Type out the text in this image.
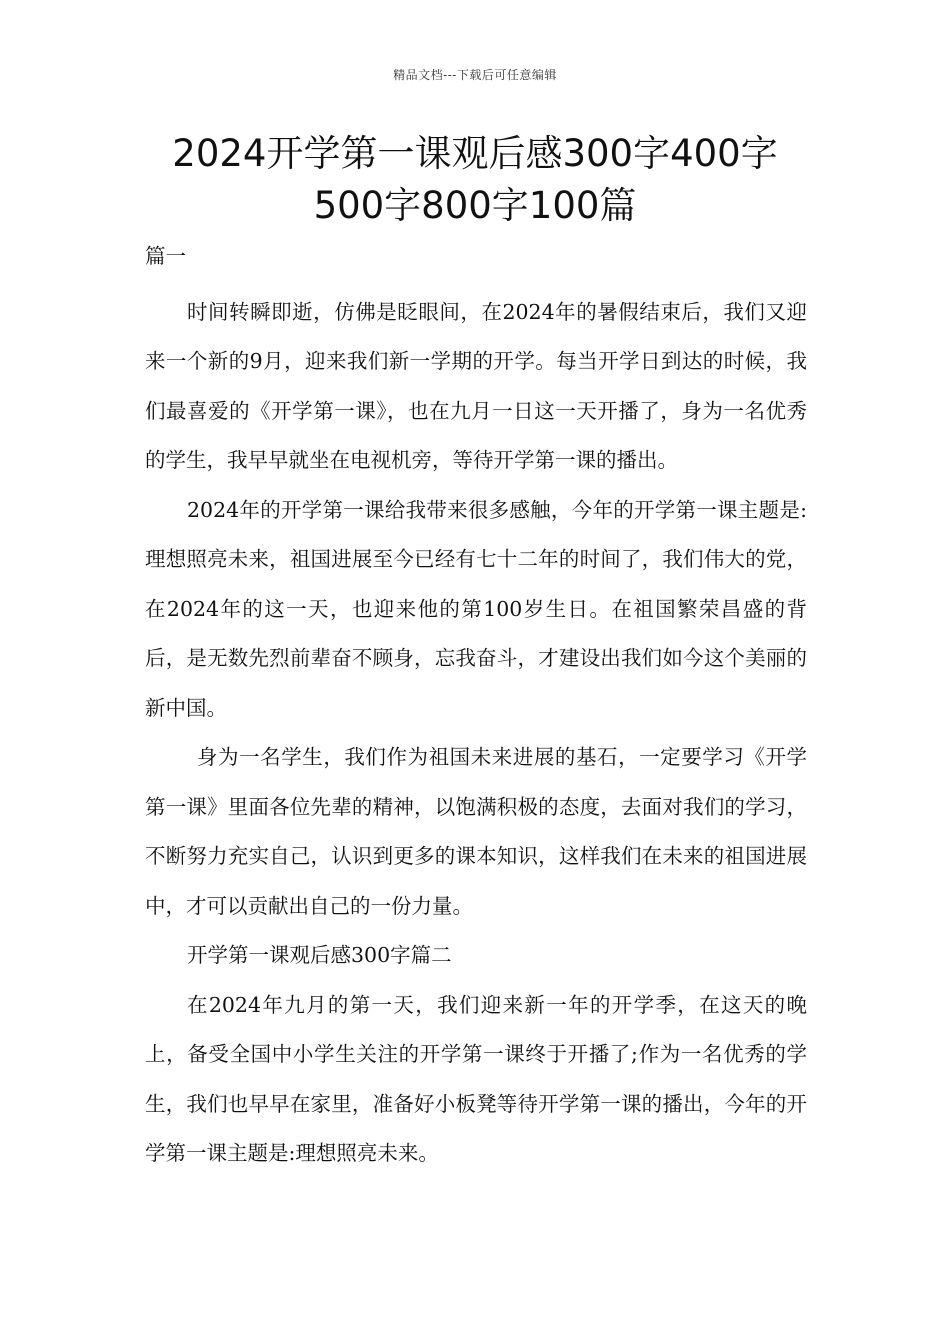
精品文档---下载后可任意编辑
2024开学第一课观后感300字400字
500字800字100篇

篇一

时间转瞬即逝，仿佛是眨眼间，在2024年的暑假结束后，我们又迎来一个新的9月，迎来我们新一学期的开学。每当开学日到达的时候，我们最喜爱的《开学第一课》，也在九月一日这一天开播了，身为一名优秀的学生，我早早就坐在电视机旁，等待开学第一课的播出。

2024年的开学第一课给我带来很多感触，今年的开学第一课主题是:理想照亮未来，祖国进展至今已经有七十二年的时间了，我们伟大的党，在2024年的这一天，也迎来他的第100岁生日。在祖国繁荣昌盛的背后，是无数先烈前辈奋不顾身，忘我奋斗，才建设出我们如今这个美丽的新中国。

身为一名学生，我们作为祖国未来进展的基石，一定要学习《开学第一课》里面各位先辈的精神，以饱满积极的态度，去面对我们的学习，不断努力充实自己，认识到更多的课本知识，这样我们在未来的祖国进展中，才可以贡献出自己的一份力量。

开学第一课观后感300字篇二

在2024年九月的第一天，我们迎来新一年的开学季，在这天的晚上，备受全国中小学生关注的开学第一课终于开播了;作为一名优秀的学生，我们也早早在家里，准备好小板凳等待开学第一课的播出，今年的开学第一课主题是:理想照亮未来。
